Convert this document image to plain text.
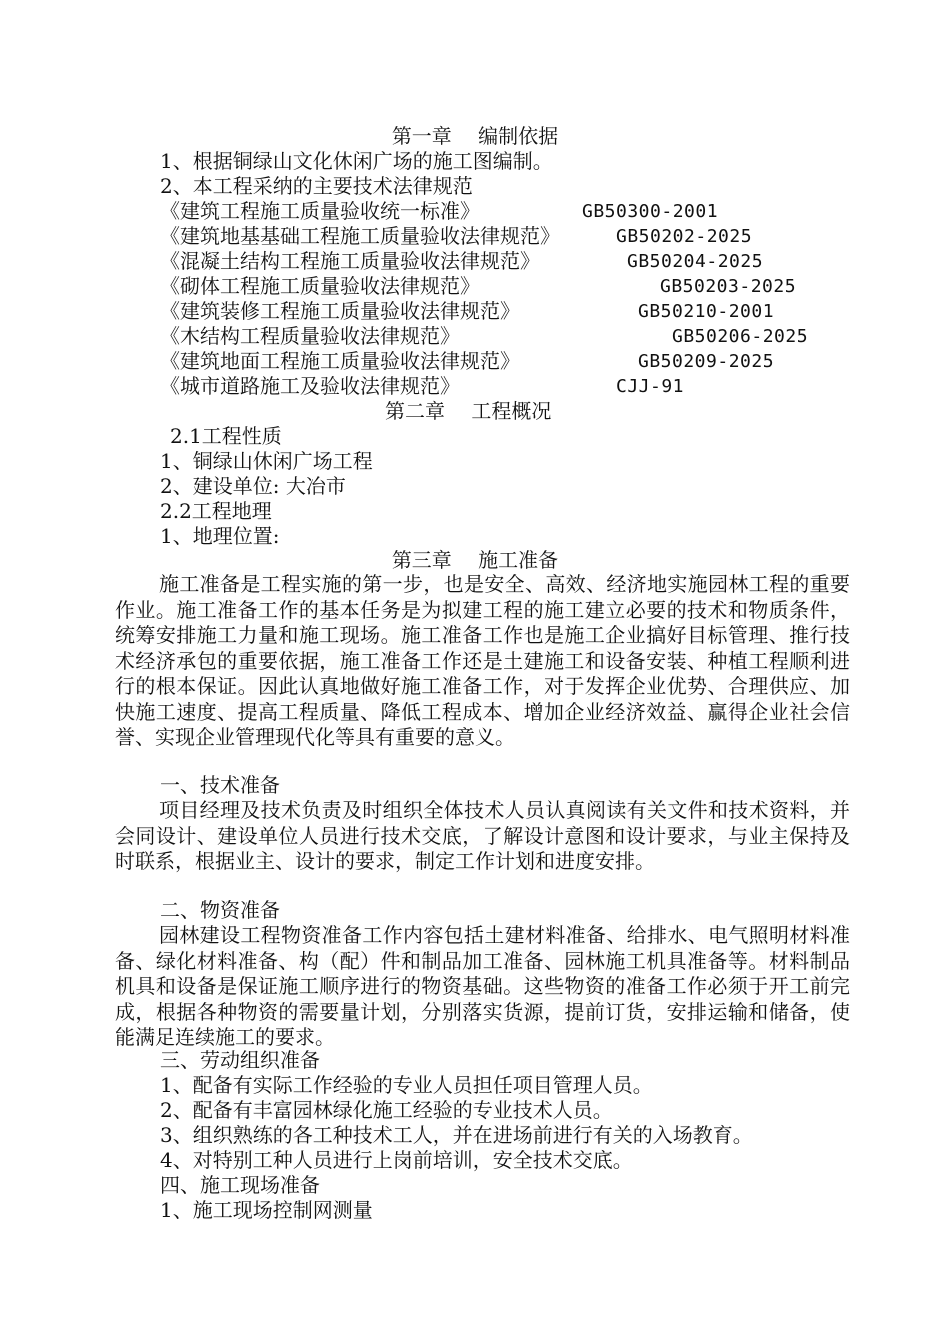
第一章　 编制依据
1、根据铜绿山文化休闲广场的施工图编制。
2、本工程采纳的主要技术法律规范
《建筑工程施工质量验收统一标准》	GB50300-2001
《建筑地基基础工程施工质量验收法律规范》	GB50202-2025
《混凝土结构工程施工质量验收法律规范》	GB50204-2025
《砌体工程施工质量验收法律规范》	GB50203-2025
《建筑装修工程施工质量验收法律规范》	GB50210-2001
《木结构工程质量验收法律规范》	GB50206-2025
《建筑地面工程施工质量验收法律规范》	GB50209-2025
《城市道路施工及验收法律规范》	CJJ-91
第二章　 工程概况
2.1工程性质
1、铜绿山休闲广场工程
2、建设单位: 大冶市
2.2工程地理
1、地理位置:
第三章　 施工准备
施工准备是工程实施的第一步，也是安全、高效、经济地实施园林工程的重要作业。施工准备工作的基本任务是为拟建工程的施工建立必要的技术和物质条件，统筹安排施工力量和施工现场。施工准备工作也是施工企业搞好目标管理、推行技术经济承包的重要依据，施工准备工作还是土建施工和设备安装、种植工程顺利进行的根本保证。因此认真地做好施工准备工作，对于发挥企业优势、合理供应、加快施工速度、提高工程质量、降低工程成本、增加企业经济效益、赢得企业社会信誉、实现企业管理现代化等具有重要的意义。
一、技术准备
项目经理及技术负责及时组织全体技术人员认真阅读有关文件和技术资料，并会同设计、建设单位人员进行技术交底，了解设计意图和设计要求，与业主保持及时联系，根据业主、设计的要求，制定工作计划和进度安排。
二、物资准备
园林建设工程物资准备工作内容包括土建材料准备、给排水、电气照明材料准备、绿化材料准备、构（配）件和制品加工准备、园林施工机具准备等。材料制品机具和设备是保证施工顺序进行的物资基础。这些物资的准备工作必须于开工前完成，根据各种物资的需要量计划，分别落实货源，提前订货，安排运输和储备，使能满足连续施工的要求。
三、劳动组织准备
1、配备有实际工作经验的专业人员担任项目管理人员。
2、配备有丰富园林绿化施工经验的专业技术人员。
3、组织熟练的各工种技术工人，并在进场前进行有关的入场教育。
4、对特别工种人员进行上岗前培训，安全技术交底。
四、施工现场准备
1、施工现场控制网测量
